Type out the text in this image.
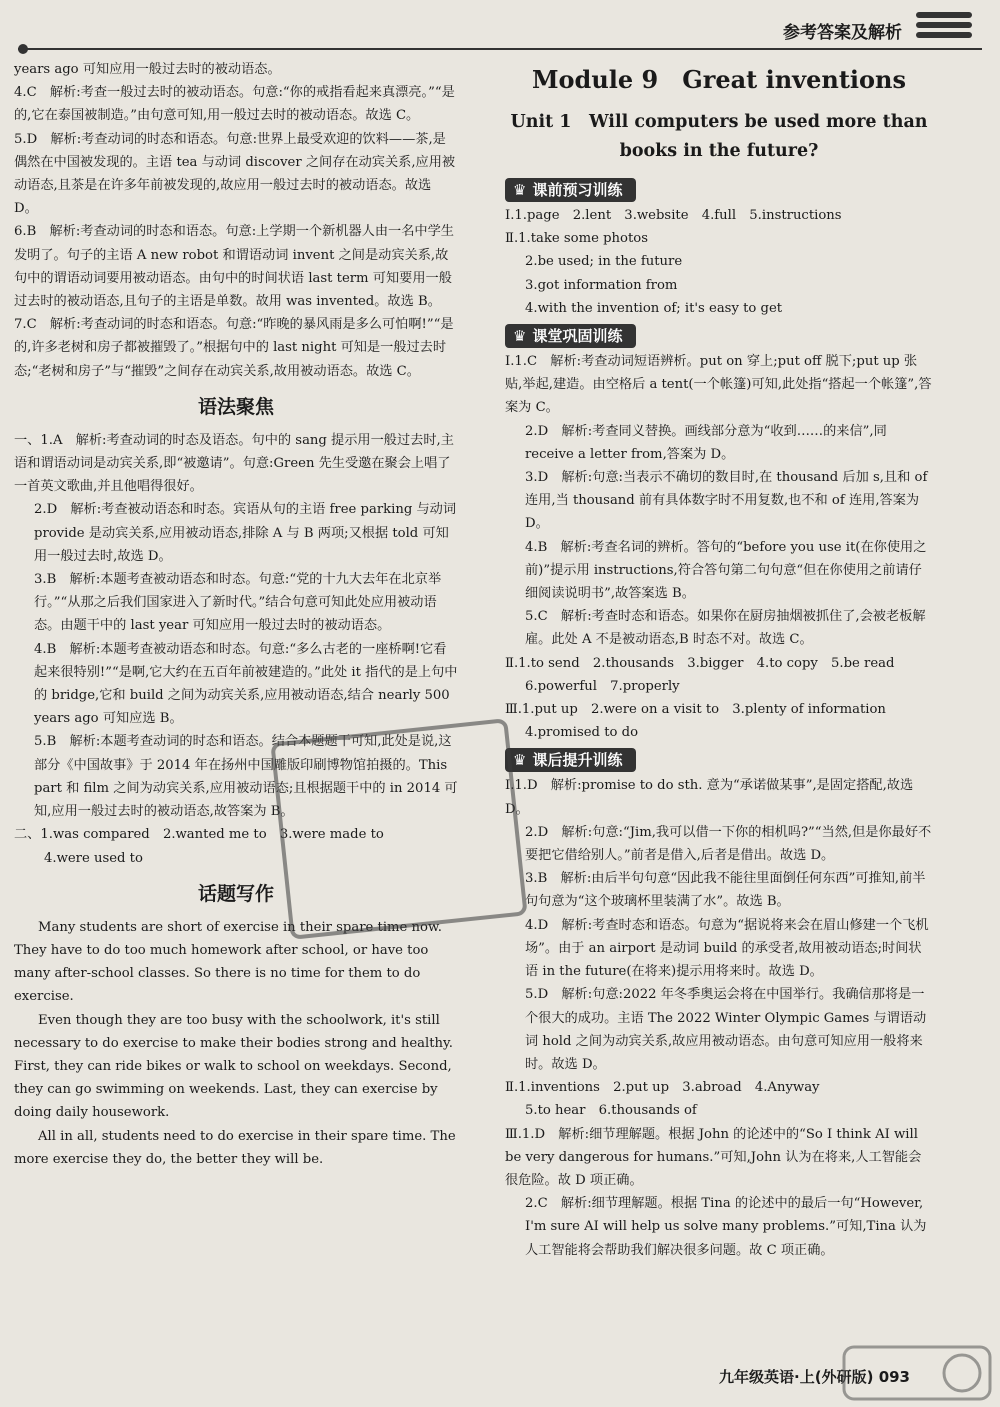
参考答案及解析

years ago 可知应用一般过去时的被动语态。

4.C　解析:考查一般过去时的被动语态。句意:“你的戒指看起来真漂亮。”“是的,它在泰国被制造。”由句意可知,用一般过去时的被动语态。故选 C。

5.D　解析:考查动词的时态和语态。句意:世界上最受欢迎的饮料——茶,是偶然在中国被发现的。主语 tea 与动词 discover 之间存在动宾关系,应用被动语态,且茶是在许多年前被发现的,故应用一般过去时的被动语态。故选 D。

6.B　解析:考查动词的时态和语态。句意:上学期一个新机器人由一名中学生发明了。句子的主语 A new robot 和谓语动词 invent 之间是动宾关系,故句中的谓语动词要用被动语态。由句中的时间状语 last term 可知要用一般过去时的被动语态,且句子的主语是单数。故用 was invented。故选 B。

7.C　解析:考查动词的时态和语态。句意:“昨晚的暴风雨是多么可怕啊!”“是的,许多老树和房子都被摧毁了。”根据句中的 last night 可知是一般过去时态;“老树和房子”与“摧毁”之间存在动宾关系,故用被动语态。故选 C。

语法聚焦

一、1.A　解析:考查动词的时态及语态。句中的 sang 提示用一般过去时,主语和谓语动词是动宾关系,即“被邀请”。句意:Green 先生受邀在聚会上唱了一首英文歌曲,并且他唱得很好。

2.D　解析:考查被动语态和时态。宾语从句的主语 free parking 与动词 provide 是动宾关系,应用被动语态,排除 A 与 B 两项;又根据 told 可知用一般过去时,故选 D。

3.B　解析:本题考查被动语态和时态。句意:“党的十九大去年在北京举行。”“从那之后我们国家进入了新时代。”结合句意可知此处应用被动语态。由题干中的 last year 可知应用一般过去时的被动语态。

4.B　解析:本题考查被动语态和时态。句意:“多么古老的一座桥啊!它看起来很特别!”“是啊,它大约在五百年前被建造的。”此处 it 指代的是上句中的 bridge,它和 build 之间为动宾关系,应用被动语态,结合 nearly 500 years ago 可知应选 B。

5.B　解析:本题考查动词的时态和语态。结合本题题干可知,此处是说,这部分《中国故事》于 2014 年在扬州中国雕版印刷博物馆拍摄的。This part 和 film 之间为动宾关系,应用被动语态;且根据题干中的 in 2014 可知,应用一般过去时的被动语态,故答案为 B。

二、1.was compared　2.wanted me to　3.were made to

4.were used to

话题写作

Many students are short of exercise in their spare time now. They have to do too much homework after school, or have too many after-school classes. So there is no time for them to do exercise.

Even though they are too busy with the schoolwork, it's still necessary to do exercise to make their bodies strong and healthy. First, they can ride bikes or walk to school on weekdays. Second, they can go swimming on weekends. Last, they can exercise by doing daily housework.

All in all, students need to do exercise in their spare time. The more exercise they do, the better they will be.

Module 9　Great inventions
Unit 1　Will computers be used more than books in the future?
♛ 课前预习训练

Ⅰ.1.page　2.lent　3.website　4.full　5.instructions

Ⅱ.1.take some photos

2.be used; in the future

3.got information from

4.with the invention of; it's easy to get

♛ 课堂巩固训练

Ⅰ.1.C　解析:考查动词短语辨析。put on 穿上;put off 脱下;put up 张贴,举起,建造。由空格后 a tent(一个帐篷)可知,此处指“搭起一个帐篷”,答案为 C。

2.D　解析:考查同义替换。画线部分意为“收到……的来信”,同 receive a letter from,答案为 D。

3.D　解析:句意:当表示不确切的数目时,在 thousand 后加 s,且和 of 连用,当 thousand 前有具体数字时不用复数,也不和 of 连用,答案为 D。

4.B　解析:考查名词的辨析。答句的“before you use it(在你使用之前)”提示用 instructions,符合答句第二句句意“但在你使用之前请仔细阅读说明书”,故答案选 B。

5.C　解析:考查时态和语态。如果你在厨房抽烟被抓住了,会被老板解雇。此处 A 不是被动语态,B 时态不对。故选 C。

Ⅱ.1.to send　2.thousands　3.bigger　4.to copy　5.be read

6.powerful　7.properly

Ⅲ.1.put up　2.were on a visit to　3.plenty of information

4.promised to do

♛ 课后提升训练

Ⅰ.1.D　解析:promise to do sth. 意为“承诺做某事”,是固定搭配,故选 D。

2.D　解析:句意:“Jim,我可以借一下你的相机吗?”“当然,但是你最好不要把它借给别人。”前者是借入,后者是借出。故选 D。

3.B　解析:由后半句句意“因此我不能往里面倒任何东西”可推知,前半句句意为“这个玻璃杯里装满了水”。故选 B。

4.D　解析:考查时态和语态。句意为“据说将来会在眉山修建一个飞机场”。由于 an airport 是动词 build 的承受者,故用被动语态;时间状语 in the future(在将来)提示用将来时。故选 D。

5.D　解析:句意:2022 年冬季奥运会将在中国举行。我确信那将是一个很大的成功。主语 The 2022 Winter Olympic Games 与谓语动词 hold 之间为动宾关系,故应用被动语态。由句意可知应用一般将来时。故选 D。

Ⅱ.1.inventions　2.put up　3.abroad　4.Anyway

5.to hear　6.thousands of

Ⅲ.1.D　解析:细节理解题。根据 John 的论述中的“So I think AI will be very dangerous for humans.”可知,John 认为在将来,人工智能会很危险。故 D 项正确。

2.C　解析:细节理解题。根据 Tina 的论述中的最后一句“However, I'm sure AI will help us solve many problems.”可知,Tina 认为人工智能将会帮助我们解决很多问题。故 C 项正确。

九年级英语·上(外研版) 093
